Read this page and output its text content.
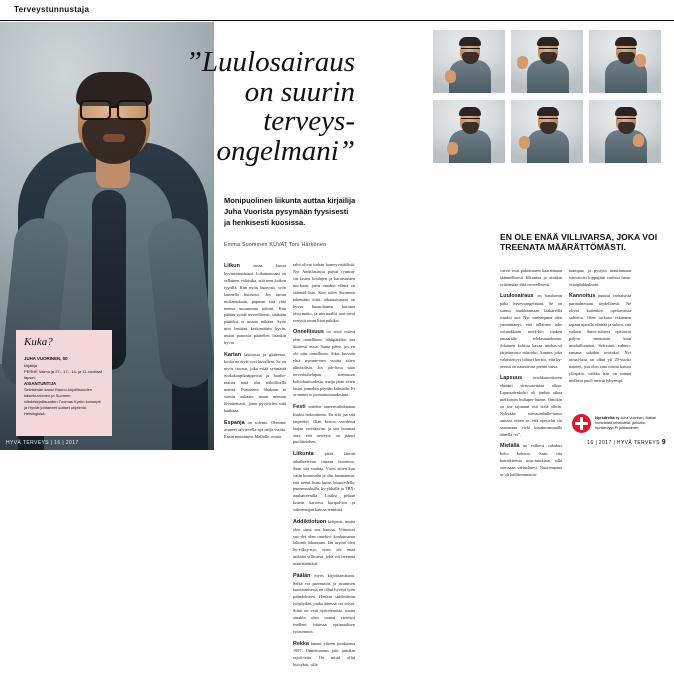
Terveystunnustaja
HYVÄ TERVEYS | 16 | 2017
”Luulosairaus
on suurin
terveys-
ongelmani”
Monipuolinen liikunta auttaa kirjailija Juha Vuorista pysymään fyysisesti ja henkisesti kuosissa.
Emma Suominen KUVAT Toni Härkönen

Liikun omaa kuvaa hyvinvoinnistani. Liikunnassani on sellainen valoisika, että teen kaiken tyyrillä. Kun nyön huonosti, syön kunnella huonosti. Jos tartun mokaruskaan, puputan sitä yhtä mensa uusamman päivän. Kun päätän syödä terveellisesti, sitäkään päätöksi ei muuta mikään. Syön niin lentätni keskimäärin hyvin, mutta parnosta päätellen lisankin hyvin.

Kartan laktoosia ja gluteenia, koska ne eivät sovi kuvalleni. Se on myös sioraus, joka estää syömästä ruokakaupiknäppeistä ja huulto-maista mitä alas töiköllisellä mattsa. Punaiseen lihakaan ei suostu oukaatu maan minuun kivuttomasti, joten pysyttelen siitä kaukana.

Espanja on solento. Olemme asuneet talviovella nyt neljä vuotta. Ensin muutimme Mallulle, mutta

talot olivat turhan homeyvistäilisiä. Nyt Andalusiassa päivät rytmitty vät lasten koulujen ja harrastusten mu-kaan, joten omakin elämä on säännöl-listä. Kun tulen Suomeen tekemään töitä, aikataulustani on hyvin huonolainen kutoma rässymatto, ja ateriasällit saat-tavat venyttä aivan liian pitkiksi.

Onnellisuus on siinä estävä olen onnellinen, lähtipäiäiksi saa ikuisesti assia. Sama pätee, jos en ole niin onnellinen. Siksi luovuin yhtä nymme-nen vuotta sitten alkoholista. Jos joh-liosa saan terveshuhelupan, siemassen kohtolauiisadesta, matja jätän sitten lasini jonnekin pöydän kulmalla. Ei se numerio juomattomuudestani.

Festi soitelen aineenvaihdunnan lisaksi hoksottimia. En silti jaa sitä tarpeeksi. Olan kertoo vuodessa laajan vereskavan, ja sitä huomaa aina, että nesteyty on jäänyt puolitietehen.

Liikunta pitää laimin aikaihtelevan ritnaan huoniosa. Saan sitä vauhaa. Vuosi sitten kun vasin kuntosalin ja olin huomannut, että treeni lisäsi kuten lesaavedella, punnerruskulla, ky-ykkällä ja TRX-nauhatreenillä. Lisäksi pelaan lastein karoosa koripal-loa ja valmentajan kanssa tennistiä.

Addiktiotuon ketipesti, mutta olen sinut sen kanssa. Viimeiset vuo-det olen omekivi koukumanut lähinnä liikuntaan. Iän myötä olen hy-väksy-nyt, etten ole enää mikään villivarsa, joka voi treenata määrättömästi.

Päälän myös kirjoittamistani. Selkä voi paremmin, ja istumisen tauottamisesta on olhut hyötyä työn päändekseen. Hankin säädettävän työpöydän, jonka ääressä voi seistä. Siinä on vetä ojettelemista, mutta ainakin olen saanut virtettyä itselleni istuessa optimaalisen työasennon.

Rekka lanuni yliteen jutukaassa 1997. Onnettomuus jätti juttukin rajoit-teita. On niistä ollut hyötykin, sillä

vaivat ovat pakottaneet kaaratmaan säännöllisesti liikuntaa ja ainakin yrittämään elää terveellisesti.

Luulosairaus on kaultavan paha terveysongelmani. Se on suurui lauikkaamaan lääkäreillä rinaksi asti. Nyt vanheepana olen ymmärtänyt, että tällainen tuhe voimakkaan merk-kio ittaken omaaralle tehdasuuteksena. Jokainen kohtuu kavaa miekas-sä järjettimisto mittosko, kunnes joku valaistettyyi tohtori kertoo, että ky-seessä on nauntiivan pientä vaiva.

Lapsuus ortahkauvetiseen ehinäni stressaavintaa alkaa. Lapsuudenkohti oli jonkin aikaa melkoisen hulluper-huone. Omokin on itse tajunnut sitä vielä olhiin. Nykyään stressumhalle-nassa auttaisi etiten se, että opettelin sin sanomaan vielä kuuduvammalla äänellä “ei”.

Mielällä ne valkova vakukus koko kehoon. Saan sitä kontektteista mus-tutukista, sillä stressaan vattaalinesi. Nuorempana se oli halliteenmaton-

mampaa, ja pystyin muuttamaan istuvatoisi loppujään vartissa hana-viinipääkkukseni.

Kannoitus puuttui varhaisista parinuhtestani täydellisesti. Ne olivat kuitenkin opettavaisia sultteita. Olen tarkana rakannen tapaan ajatella elämää ja uskon, että vaikeat ihmis-suhteet opettavat paljon enemmän kuin murhallonnnat. Selvisimi vahmo-tamana sokahin avoinkai. Nyt nimal-laisi on olhat yli 20-vuotta naineet, jota olen aina voinut katsoa yllispäin. vaikka hän on minua melkein puoli metriä lyhyempi.

Kuka?
JUHA VUORINEN, 50
kirjailija
PERHE Vaimo ja 27-, 17-, 14- ja 11-vuotiaat lapset.
ASIANTUNTIJA
Selvisimän kausi Rauno-kirjoillisuuden käsinkuvioinen ja Suomen viihdekirjallisuuden Tuomas Kyrön konsepti ja Hyviät johtaneet uutiset ohjelmia Helsingissä.
EN OLE ENÄÄ VILLIVARSA, JOKA VOI TREENATA MÄÄRÄTTÖMÄSTI.
Nyrkäreitä ry Juha Vuorinen, Mallan homeisistä urheiluteat: jarhiville, hyvätervyys FI juhtausimen
16 | 2017 | HYVÄ TERVEYS 9
